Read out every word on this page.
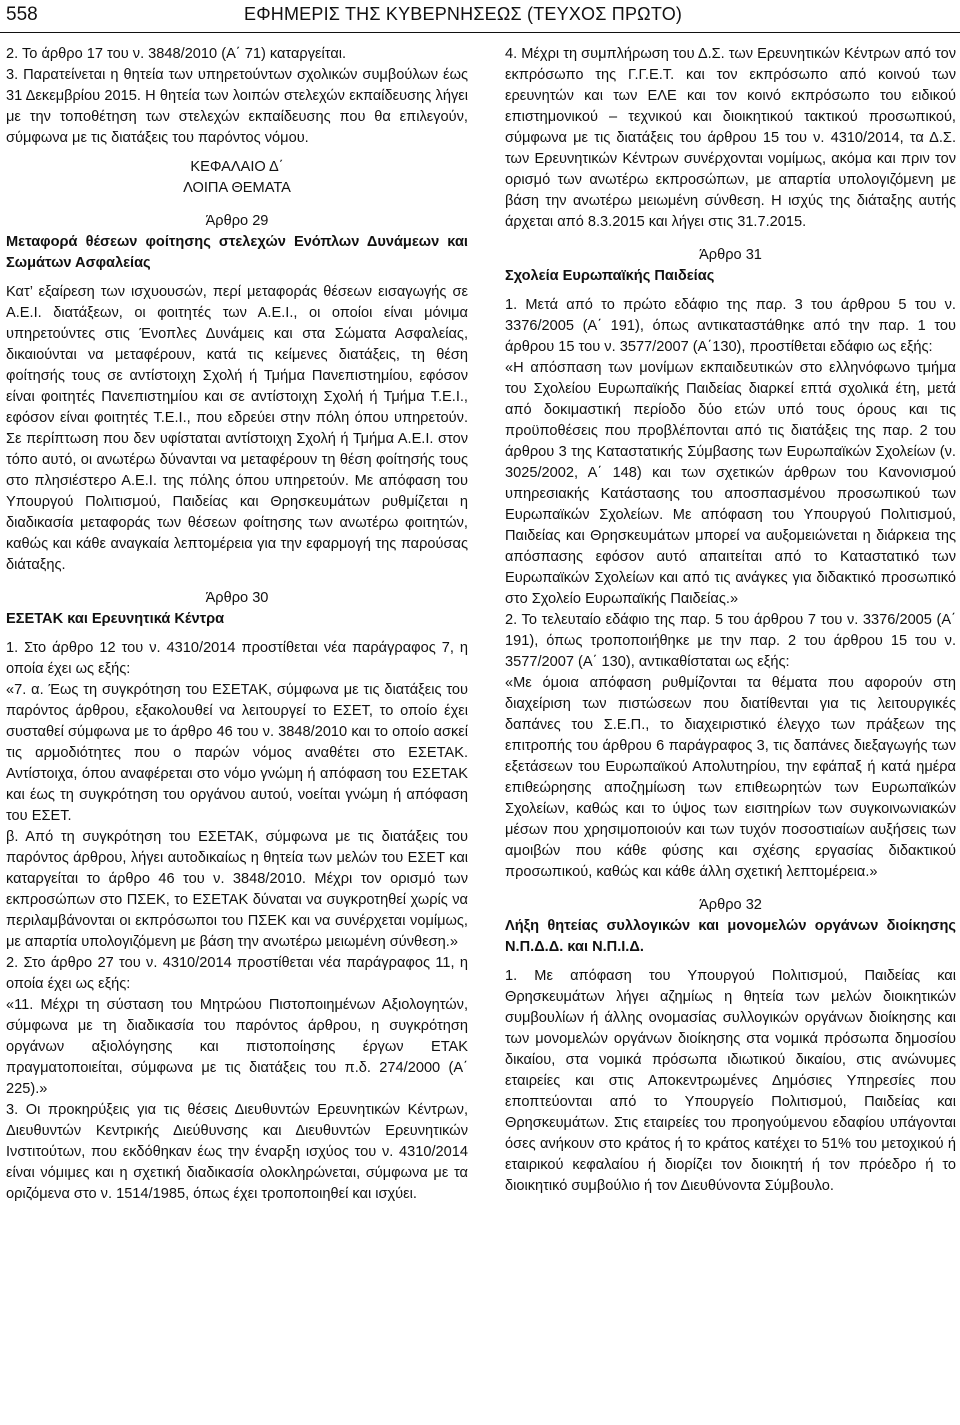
558	ΕΦΗΜΕΡΙΣ ΤΗΣ ΚΥΒΕΡΝΗΣΕΩΣ (ΤΕΥΧΟΣ ΠΡΩΤΟ)

2. Το άρθρο 17 του ν. 3848/2010 (Α΄ 71) καταργείται.

3. Παρατείνεται η θητεία των υπηρετούντων σχολικών συμβούλων έως 31 Δεκεμβρίου 2015. Η θητεία των λοιπών στελεχών εκπαίδευσης λήγει με την τοποθέτηση των στελεχών εκπαίδευσης που θα επιλεγούν, σύμφωνα με τις διατάξεις του παρόντος νόμου.

ΚΕΦΑΛΑΙΟ Δ΄

ΛΟΙΠΑ ΘΕΜΑΤΑ

Άρθρο 29

Μεταφορά θέσεων φοίτησης στελεχών Ενόπλων Δυνάμεων και Σωμάτων Ασφαλείας

Κατ’ εξαίρεση των ισχυουσών, περί μεταφοράς θέσεων εισαγωγής σε Α.Ε.Ι. διατάξεων, οι φοιτητές των Α.Ε.Ι., οι οποίοι είναι μόνιμα υπηρετούντες στις Ένοπλες Δυνάμεις και στα Σώματα Ασφαλείας, δικαιούνται να μεταφέρουν, κατά τις κείμενες διατάξεις, τη θέση φοίτησής τους σε αντίστοιχη Σχολή ή Τμήμα Πανεπιστημίου, εφόσον είναι φοιτητές Πανεπιστημίου και σε αντίστοιχη Σχολή ή Τμήμα Τ.Ε.Ι., εφόσον είναι φοιτητές Τ.Ε.Ι., που εδρεύει στην πόλη όπου υπηρετούν. Σε περίπτωση που δεν υφίσταται αντίστοιχη Σχολή ή Τμήμα Α.Ε.Ι. στον τόπο αυτό, οι ανωτέρω δύνανται να μεταφέρουν τη θέση φοίτησής τους στο πλησιέστερο Α.Ε.Ι. της πόλης όπου υπηρετούν. Με απόφαση του Υπουργού Πολιτισμού, Παιδείας και Θρησκευμάτων ρυθμίζεται η διαδικασία μεταφοράς των θέσεων φοίτησης των ανωτέρω φοιτητών, καθώς και κάθε αναγκαία λεπτομέρεια για την εφαρμογή της παρούσας διάταξης.

Άρθρο 30

ΕΣΕΤΑΚ και Ερευνητικά Κέντρα

1. Στο άρθρο 12 του ν. 4310/2014 προστίθεται νέα παράγραφος 7, η οποία έχει ως εξής:

«7. α. Έως τη συγκρότηση του ΕΣΕΤΑΚ, σύμφωνα με τις διατάξεις του παρόντος άρθρου, εξακολουθεί να λειτουργεί το ΕΣΕΤ, το οποίο έχει συσταθεί σύμφωνα με το άρθρο 46 του ν. 3848/2010 και το οποίο ασκεί τις αρμοδιότητες που ο παρών νόμος αναθέτει στο ΕΣΕΤΑΚ. Αντίστοιχα, όπου αναφέρεται στο νόμο γνώμη ή απόφαση του ΕΣΕΤΑΚ και έως τη συγκρότηση του οργάνου αυτού, νοείται γνώμη ή απόφαση του ΕΣΕΤ.

β. Από τη συγκρότηση του ΕΣΕΤΑΚ, σύμφωνα με τις διατάξεις του παρόντος άρθρου, λήγει αυτοδικαίως η θητεία των μελών του ΕΣΕΤ και καταργείται το άρθρο 46 του ν. 3848/2010. Μέχρι τον ορισμό των εκπροσώπων στο ΠΣΕΚ, το ΕΣΕΤΑΚ δύναται να συγκροτηθεί χωρίς να περιλαμβάνονται οι εκπρόσωποι του ΠΣΕΚ και να συνέρχεται νομίμως, με απαρτία υπολογιζόμενη με βάση την ανωτέρω μειωμένη σύνθεση.»

2. Στο άρθρο 27 του ν. 4310/2014 προστίθεται νέα παράγραφος 11, η οποία έχει ως εξής:

«11. Μέχρι τη σύσταση του Μητρώου Πιστοποιημένων Αξιολογητών, σύμφωνα με τη διαδικασία του παρόντος άρθρου, η συγκρότηση οργάνων αξιολόγησης και πιστοποίησης έργων ΕΤΑΚ πραγματοποιείται, σύμφωνα με τις διατάξεις του π.δ. 274/2000 (Α΄ 225).»

3. Οι προκηρύξεις για τις θέσεις Διευθυντών Ερευνητικών Κέντρων, Διευθυντών Κεντρικής Διεύθυνσης και Διευθυντών Ερευνητικών Ινστιτούτων, που εκδόθηκαν έως την έναρξη ισχύος του ν. 4310/2014 είναι νόμιμες και η σχετική διαδικασία ολοκληρώνεται, σύμφωνα με τα οριζόμενα στο ν. 1514/1985, όπως έχει τροποποιηθεί και ισχύει.

4. Μέχρι τη συμπλήρωση του Δ.Σ. των Ερευνητικών Κέντρων από τον εκπρόσωπο της Γ.Γ.Ε.Τ. και τον εκπρόσωπο από κοινού των ερευνητών και των ΕΛΕ και τον κοινό εκπρόσωπο του ειδικού επιστημονικού – τεχνικού και διοικητικού τακτικού προσωπικού, σύμφωνα με τις διατάξεις του άρθρου 15 του ν. 4310/2014, τα Δ.Σ. των Ερευνητικών Κέντρων συνέρχονται νομίμως, ακόμα και πριν τον ορισμό των ανωτέρω εκπροσώπων, με απαρτία υπολογιζόμενη με βάση την ανωτέρω μειωμένη σύνθεση. Η ισχύς της διάταξης αυτής άρχεται από 8.3.2015 και λήγει στις 31.7.2015.

Άρθρο 31

Σχολεία Ευρωπαϊκής Παιδείας

1. Μετά από το πρώτο εδάφιο της παρ. 3 του άρθρου 5 του ν. 3376/2005 (Α΄ 191), όπως αντικαταστάθηκε από την παρ. 1 του άρθρου 15 του ν. 3577/2007 (Α΄130), προστίθεται εδάφιο ως εξής:

«Η απόσπαση των μονίμων εκπαιδευτικών στο ελληνόφωνο τμήμα του Σχολείου Ευρωπαϊκής Παιδείας διαρκεί επτά σχολικά έτη, μετά από δοκιμαστική περίοδο δύο ετών υπό τους όρους και τις προϋποθέσεις που προβλέπονται από τις διατάξεις της παρ. 2 του άρθρου 3 της Καταστατικής Σύμβασης των Ευρωπαϊκών Σχολείων (ν. 3025/2002, Α΄ 148) και των σχετικών άρθρων του Κανονισμού υπηρεσιακής Κατάστασης του αποσπασμένου προσωπικού των Ευρωπαϊκών Σχολείων. Με απόφαση του Υπουργού Πολιτισμού, Παιδείας και Θρησκευμάτων μπορεί να αυξομειώνεται η διάρκεια της απόσπασης εφόσον αυτό απαιτείται από το Καταστατικό των Ευρωπαϊκών Σχολείων και από τις ανάγκες για διδακτικό προσωπικό στο Σχολείο Ευρωπαϊκής Παιδείας.»

2. Το τελευταίο εδάφιο της παρ. 5 του άρθρου 7 του ν. 3376/2005 (Α΄ 191), όπως τροποποιήθηκε με την παρ. 2 του άρθρου 15 του ν. 3577/2007 (Α΄ 130), αντικαθίσταται ως εξής:

«Με όμοια απόφαση ρυθμίζονται τα θέματα που αφορούν στη διαχείριση των πιστώσεων που διατίθενται για τις λειτουργικές δαπάνες του Σ.Ε.Π., το διαχειριστικό έλεγχο των πράξεων της επιτροπής του άρθρου 6 παράγραφος 3, τις δαπάνες διεξαγωγής των εξετάσεων του Ευρωπαϊκού Απολυτηρίου, την εφάπαξ ή κατά ημέρα επιθεώρησης αποζημίωση των επιθεωρητών των Ευρωπαϊκών Σχολείων, καθώς και το ύψος των εισιτηρίων των συγκοινωνιακών μέσων που χρησιμοποιούν και των τυχόν ποσοστιαίων αυξήσεις των αμοιβών που κάθε φύσης και σχέσης εργασίας διδακτικού προσωπικού, καθώς και κάθε άλλη σχετική λεπτομέρεια.»

Άρθρο 32

Λήξη θητείας συλλογικών και μονομελών οργάνων διοίκησης Ν.Π.Δ.Δ. και Ν.Π.Ι.Δ.

1. Με απόφαση του Υπουργού Πολιτισμού, Παιδείας και Θρησκευμάτων λήγει αζημίως η θητεία των μελών διοικητικών συμβουλίων ή άλλης ονομασίας συλλογικών οργάνων διοίκησης και των μονομελών οργάνων διοίκησης στα νομικά πρόσωπα δημοσίου δικαίου, στα νομικά πρόσωπα ιδιωτικού δικαίου, στις ανώνυμες εταιρείες και στις Αποκεντρωμένες Δημόσιες Υπηρεσίες που εποπτεύονται από το Υπουργείο Πολιτισμού, Παιδείας και Θρησκευμάτων. Στις εταιρείες του προηγούμενου εδαφίου υπάγονται όσες ανήκουν στο κράτος ή το κράτος κατέχει το 51% του μετοχικού ή εταιρικού κεφαλαίου ή διορίζει τον διοικητή ή τον πρόεδρο ή το διοικητικό συμβούλιο ή τον Διευθύνοντα Σύμβουλο.
